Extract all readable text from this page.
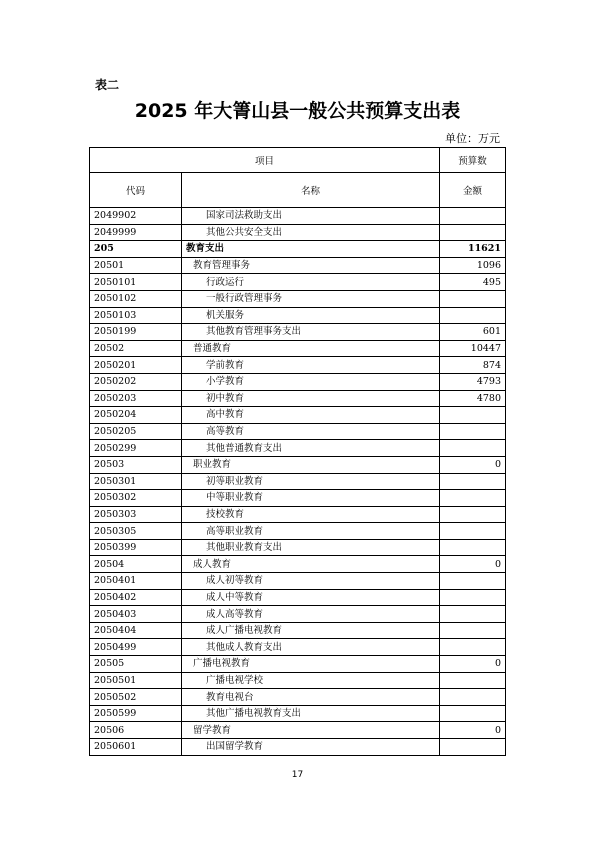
表二

2025 年大箐山县一般公共预算支出表
单位：万元
项目		预算数
代码	名称	金额
2049902	国家司法救助支出	
2049999	其他公共安全支出	
205	教育支出	11621
20501	教育管理事务	1096
2050101	行政运行	495
2050102	一般行政管理事务	
2050103	机关服务	
2050199	其他教育管理事务支出	601
20502	普通教育	10447
2050201	学前教育	874
2050202	小学教育	4793
2050203	初中教育	4780
2050204	高中教育	
2050205	高等教育	
2050299	其他普通教育支出	
20503	职业教育	0
2050301	初等职业教育	
2050302	中等职业教育	
2050303	技校教育	
2050305	高等职业教育	
2050399	其他职业教育支出	
20504	成人教育	0
2050401	成人初等教育	
2050402	成人中等教育	
2050403	成人高等教育	
2050404	成人广播电视教育	
2050499	其他成人教育支出	
20505	广播电视教育	0
2050501	广播电视学校	
2050502	教育电视台	
2050599	其他广播电视教育支出	
20506	留学教育	0
2050601	出国留学教育	
17
